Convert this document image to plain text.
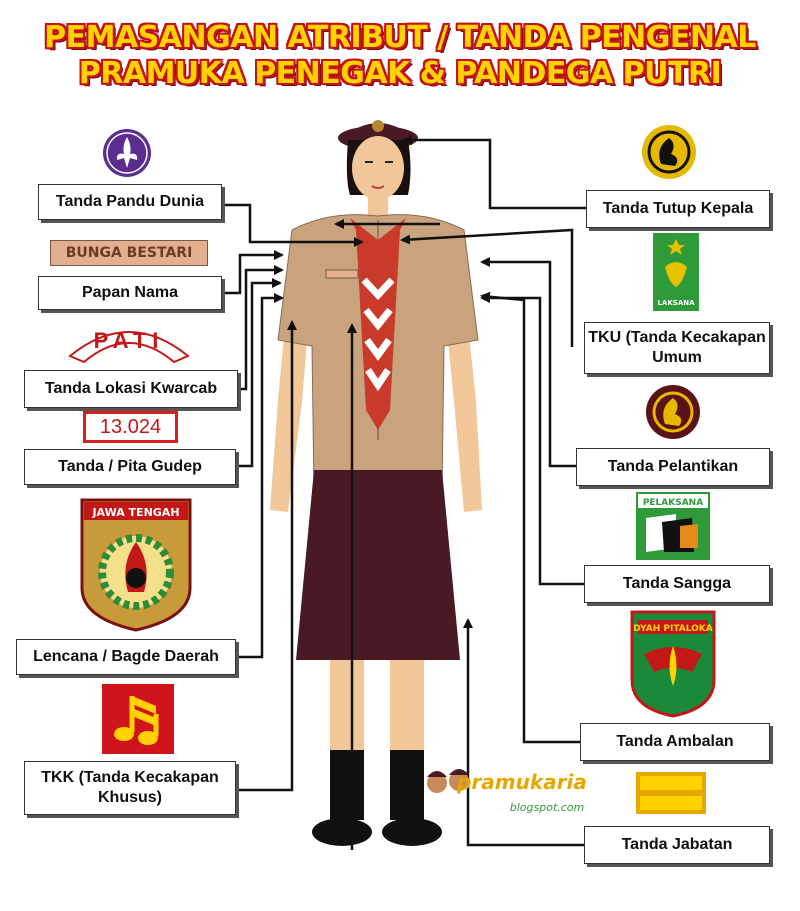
PEMASANGAN ATRIBUT / TANDA PENGENAL
PRAMUKA PENEGAK & PANDEGA PUTRI
BUNGA BESTARI
PATI
13.024
JAWA TENGAH
LAKSANA
PELAKSANA
DYAH PITALOKA
pramukaria
blogspot.com
Tanda Pandu Dunia
Papan Nama
Tanda Lokasi Kwarcab
Tanda / Pita Gudep
Lencana / Bagde Daerah
TKK (Tanda Kecakapan Khusus)
Tanda Tutup Kepala
TKU (Tanda Kecakapan Umum
Tanda Pelantikan
Tanda Sangga
Tanda Ambalan
Tanda Jabatan
